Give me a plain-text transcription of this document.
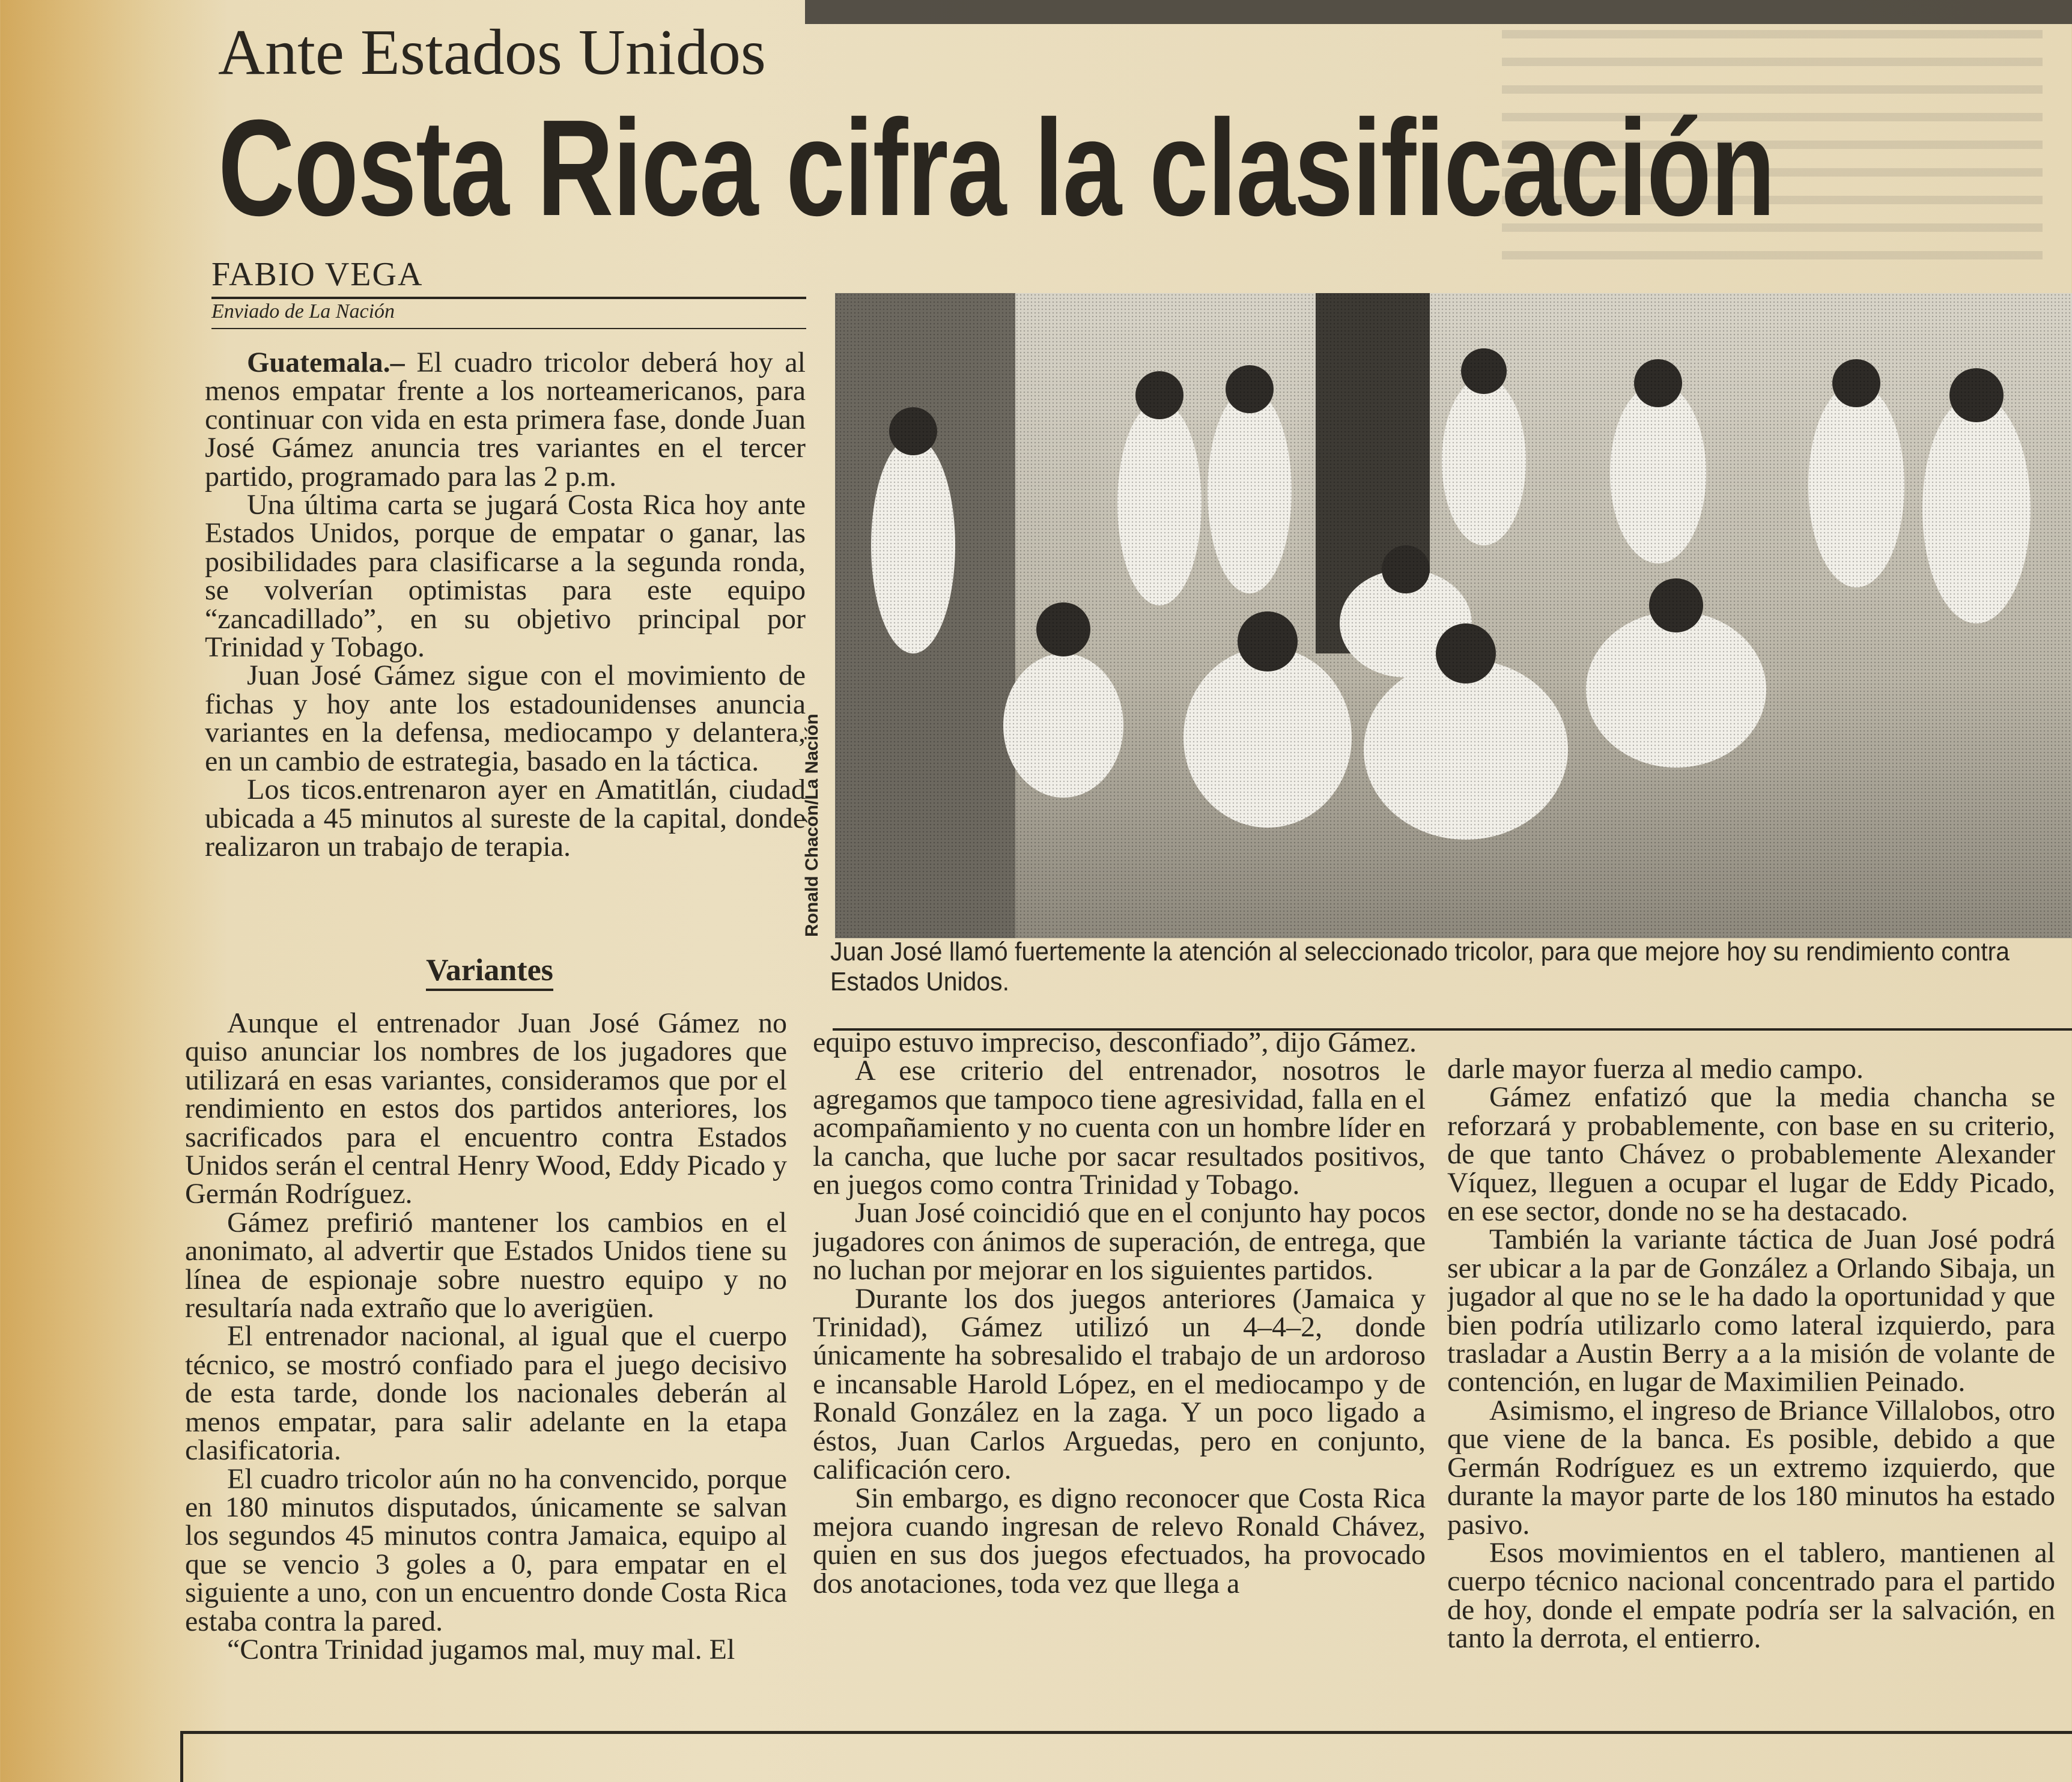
Ante Estados Unidos
Costa Rica cifra la clasificación
FABIO VEGA
Enviado de La Nación

Guatemala.– El cuadro tricolor deberá hoy al menos empatar frente a los norteamericanos, para continuar con vida en esta primera fase, donde Juan José Gámez anuncia tres variantes en el tercer partido, programado para las 2 p.m.

Una última carta se jugará Costa Rica hoy ante Estados Unidos, porque de empatar o ganar, las posibilidades para clasificarse a la segunda ronda, se volverían optimistas para este equipo “zancadillado”, en su objetivo principal por Trinidad y Tobago.

Juan José Gámez sigue con el movimiento de fichas y hoy ante los estadounidenses anuncia variantes en la defensa, mediocampo y delantera, en un cambio de estrategia, basado en la táctica.

Los ticos.entrenaron ayer en Amatitlán, ciudad ubicada a 45 minutos al sureste de la capital, donde realizaron un trabajo de terapia.	Ronald Chacón/La Nación
Juan José llamó fuertemente la atención al seleccionado tricolor, para que mejore hoy su rendimiento contra Estados Unidos.
Variantes

Aunque el entrenador Juan José Gámez no quiso anunciar los nombres de los jugadores que utilizará en esas variantes, consideramos que por el rendimiento en estos dos partidos anteriores, los sacrificados para el encuentro contra Estados Unidos serán el central Henry Wood, Eddy Picado y Germán Rodríguez.

Gámez prefirió mantener los cambios en el anonimato, al advertir que Estados Unidos tiene su línea de espionaje sobre nuestro equipo y no resultaría nada extraño que lo averigüen.

El entrenador nacional, al igual que el cuerpo técnico, se mostró confiado para el juego decisivo de esta tarde, donde los nacionales deberán al menos empatar, para salir adelante en la etapa clasificatoria.

El cuadro tricolor aún no ha convencido, porque en 180 minutos disputados, únicamente se salvan los segundos 45 minutos contra Jamaica, equipo al que se vencio 3 goles a 0, para empatar en el siguiente a uno, con un encuentro donde Costa Rica estaba contra la pared.

“Contra Trinidad jugamos mal, muy mal. El

equipo estuvo impreciso, desconfiado”, dijo Gámez.

A ese criterio del entrenador, nosotros le agregamos que tampoco tiene agresividad, falla en el acompañamiento y no cuenta con un hombre líder en la cancha, que luche por sacar resultados positivos, en juegos como contra Trinidad y Tobago.

Juan José coincidió que en el conjunto hay pocos jugadores con ánimos de superación, de entrega, que no luchan por mejorar en los siguientes partidos.

Durante los dos juegos anteriores (Jamaica y Trinidad), Gámez utilizó un 4–4–2, donde únicamente ha sobresalido el trabajo de un ardoroso e incansable Harold López, en el mediocampo y de Ronald González en la zaga. Y un poco ligado a éstos, Juan Carlos Arguedas, pero en conjunto, calificación cero.

Sin embargo, es digno reconocer que Costa Rica mejora cuando ingresan de relevo Ronald Chávez, quien en sus dos juegos efectuados, ha provocado dos anotaciones, toda vez que llega a

darle mayor fuerza al medio campo.

Gámez enfatizó que la media chancha se reforzará y probablemente, con base en su criterio, de que tanto Chávez o probablemente Alexander Víquez, lleguen a ocupar el lugar de Eddy Picado, en ese sector, donde no se ha destacado.

También la variante táctica de Juan José podrá ser ubicar a la par de González a Orlando Sibaja, un jugador al que no se le ha dado la oportunidad y que bien podría utilizarlo como lateral izquierdo, para trasladar a Austin Berry a a la misión de volante de contención, en lugar de Maximilien Peinado.

Asimismo, el ingreso de Briance Villalobos, otro que viene de la banca. Es posible, debido a que Germán Rodríguez es un extremo izquierdo, que durante la mayor parte de los 180 minutos ha estado pasivo.

Esos movimientos en el tablero, mantienen al cuerpo técnico nacional concentrado para el partido de hoy, donde el empate podría ser la salvación, en tanto la derrota, el entierro.
